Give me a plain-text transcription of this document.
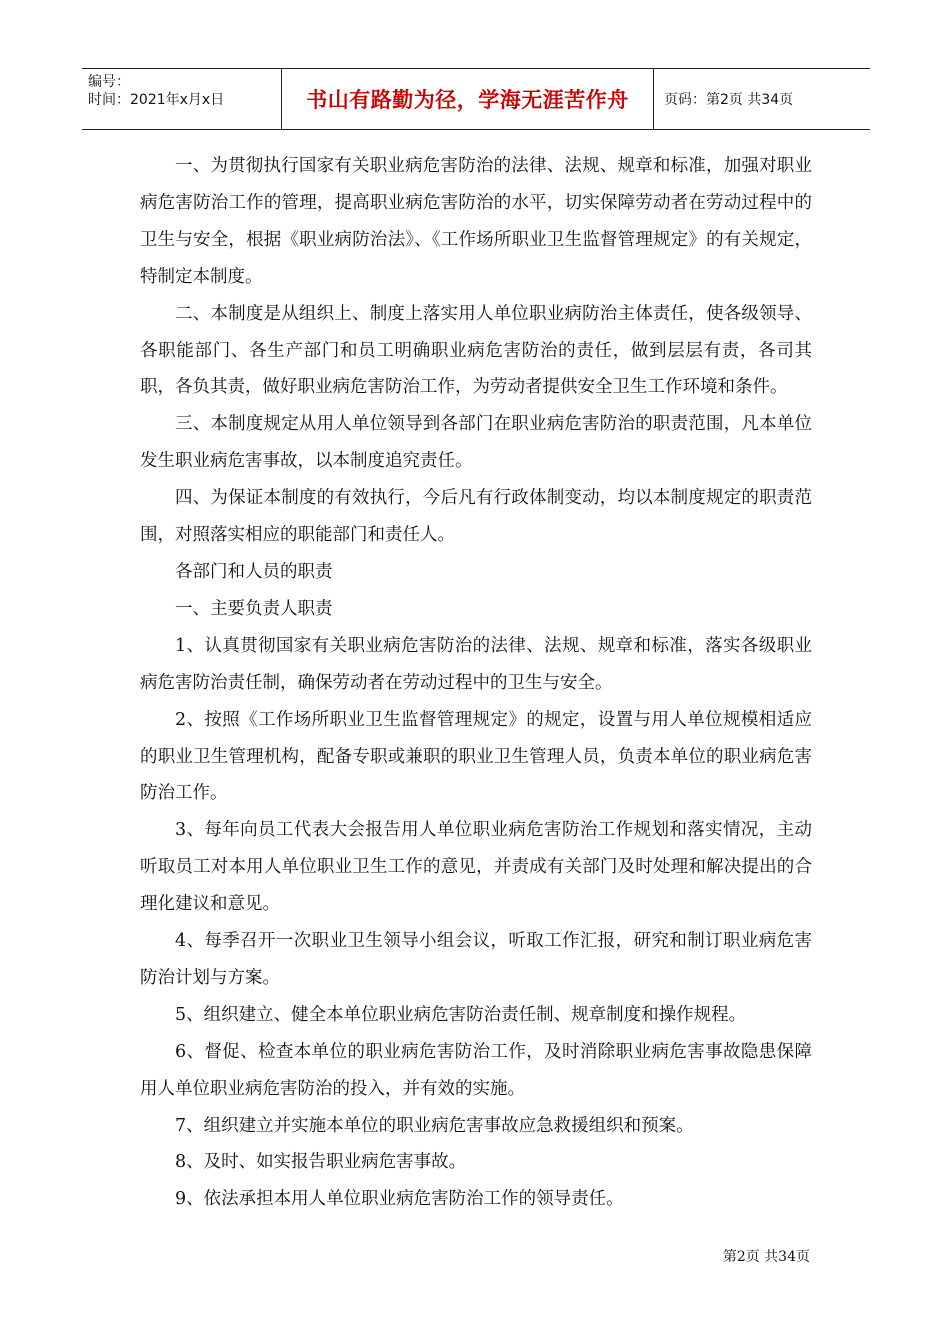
编号：
时间：2021年x月x日	书山有路勤为径，学海无涯苦作舟	页码：第2页 共34页

一、为贯彻执行国家有关职业病危害防治的法律、法规、规章和标准，加强对职业病危害防治工作的管理，提高职业病危害防治的水平，切实保障劳动者在劳动过程中的卫生与安全，根据《职业病防治法》、《工作场所职业卫生监督管理规定》的有关规定，特制定本制度。

二、本制度是从组织上、制度上落实用人单位职业病防治主体责任，使各级领导、各职能部门、各生产部门和员工明确职业病危害防治的责任，做到层层有责，各司其职，各负其责，做好职业病危害防治工作，为劳动者提供安全卫生工作环境和条件。

三、本制度规定从用人单位领导到各部门在职业病危害防治的职责范围，凡本单位发生职业病危害事故，以本制度追究责任。

四、为保证本制度的有效执行，今后凡有行政体制变动，均以本制度规定的职责范围，对照落实相应的职能部门和责任人。

各部门和人员的职责

一、主要负责人职责

1、认真贯彻国家有关职业病危害防治的法律、法规、规章和标准，落实各级职业病危害防治责任制，确保劳动者在劳动过程中的卫生与安全。

2、按照《工作场所职业卫生监督管理规定》的规定，设置与用人单位规模相适应的职业卫生管理机构，配备专职或兼职的职业卫生管理人员，负责本单位的职业病危害防治工作。

3、每年向员工代表大会报告用人单位职业病危害防治工作规划和落实情况，主动听取员工对本用人单位职业卫生工作的意见，并责成有关部门及时处理和解决提出的合理化建议和意见。

4、每季召开一次职业卫生领导小组会议，听取工作汇报，研究和制订职业病危害防治计划与方案。

5、组织建立、健全本单位职业病危害防治责任制、规章制度和操作规程。

6、督促、检查本单位的职业病危害防治工作，及时消除职业病危害事故隐患保障用人单位职业病危害防治的投入，并有效的实施。

7、组织建立并实施本单位的职业病危害事故应急救援组织和预案。

8、及时、如实报告职业病危害事故。

9、依法承担本用人单位职业病危害防治工作的领导责任。

第2页 共34页
